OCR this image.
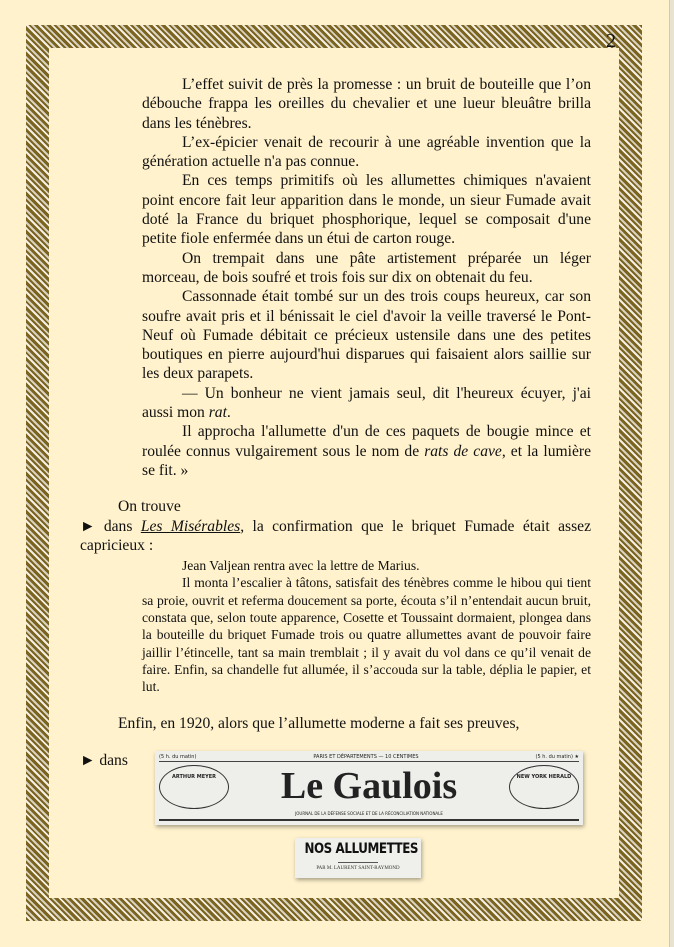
2

L’effet suivit de près la promesse : un bruit de bouteille que l’on débouche frappa les oreilles du chevalier et une lueur bleuâtre brilla dans les ténèbres.

L’ex-épicier venait de recourir à une agréable invention que la génération actuelle n'a pas connue.

En ces temps primitifs où les allumettes chimiques n'avaient point encore fait leur apparition dans le monde, un sieur Fumade avait doté la France du briquet phosphorique, lequel se composait d'une petite fiole enfermée dans un étui de carton rouge.

On trempait dans une pâte artistement préparée un léger morceau, de bois soufré et trois fois sur dix on obtenait du feu.

Cassonnade était tombé sur un des trois coups heureux, car son soufre avait pris et il bénissait le ciel d'avoir la veille traversé le Pont-Neuf où Fumade débitait ce précieux ustensile dans une des petites boutiques en pierre aujourd'hui disparues qui faisaient alors saillie sur les deux parapets.

— Un bonheur ne vient jamais seul, dit l'heureux écuyer, j'ai aussi mon rat.

Il approcha l'allumette d'un de ces paquets de bougie mince et roulée connus vulgairement sous le nom de rats de cave, et la lumière se fit. »

On trouve
► dans Les Misérables, la confirmation que le briquet Fumade était assez capricieux :

Jean Valjean rentra avec la lettre de Marius.

Il monta l’escalier à tâtons, satisfait des ténèbres comme le hibou qui tient sa proie, ouvrit et referma doucement sa porte, écouta s’il n’entendait aucun bruit, constata que, selon toute apparence, Cosette et Toussaint dormaient, plongea dans la bouteille du briquet Fumade trois ou quatre allumettes avant de pouvoir faire jaillir l’étincelle, tant sa main tremblait ; il y avait du vol dans ce qu’il venait de faire. Enfin, sa chandelle fut allumée, il s’accouda sur la table, déplia le papier, et lut.

Enfin, en 1920, alors que l’allumette moderne a fait ses preuves,
► dans	(5 h. du matin)	PARIS ET DÉPARTEMENTS — 10 CENTIMES	(5 h. du matin) ★
ARTHUR MEYER	NEW YORK HERALD
Le Gaulois
JOURNAL DE LA DÉFENSE SOCIALE ET DE LA RÉCONCILIATION NATIONALE
NOS ALLUMETTES
PAR M. LAURENT SAINT-RAYMOND
